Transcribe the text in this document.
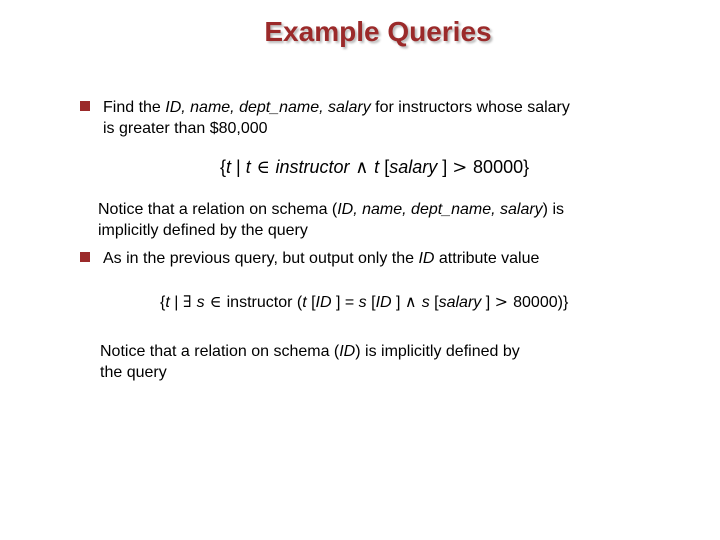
Example Queries
Find the ID, name, dept_name, salary for instructors whose salary
is greater than $80,000
{t | t ∈ instructor ∧ t [salary ] > 80000}
Notice that a relation on schema (ID, name, dept_name, salary) is
implicitly defined by the query
As in the previous query, but output only the ID attribute value
{t | ∃ s ∈ instructor (t [ID ] = s [ID ] ∧ s [salary ] > 80000)}
Notice that a relation on schema (ID) is implicitly defined by
the query
